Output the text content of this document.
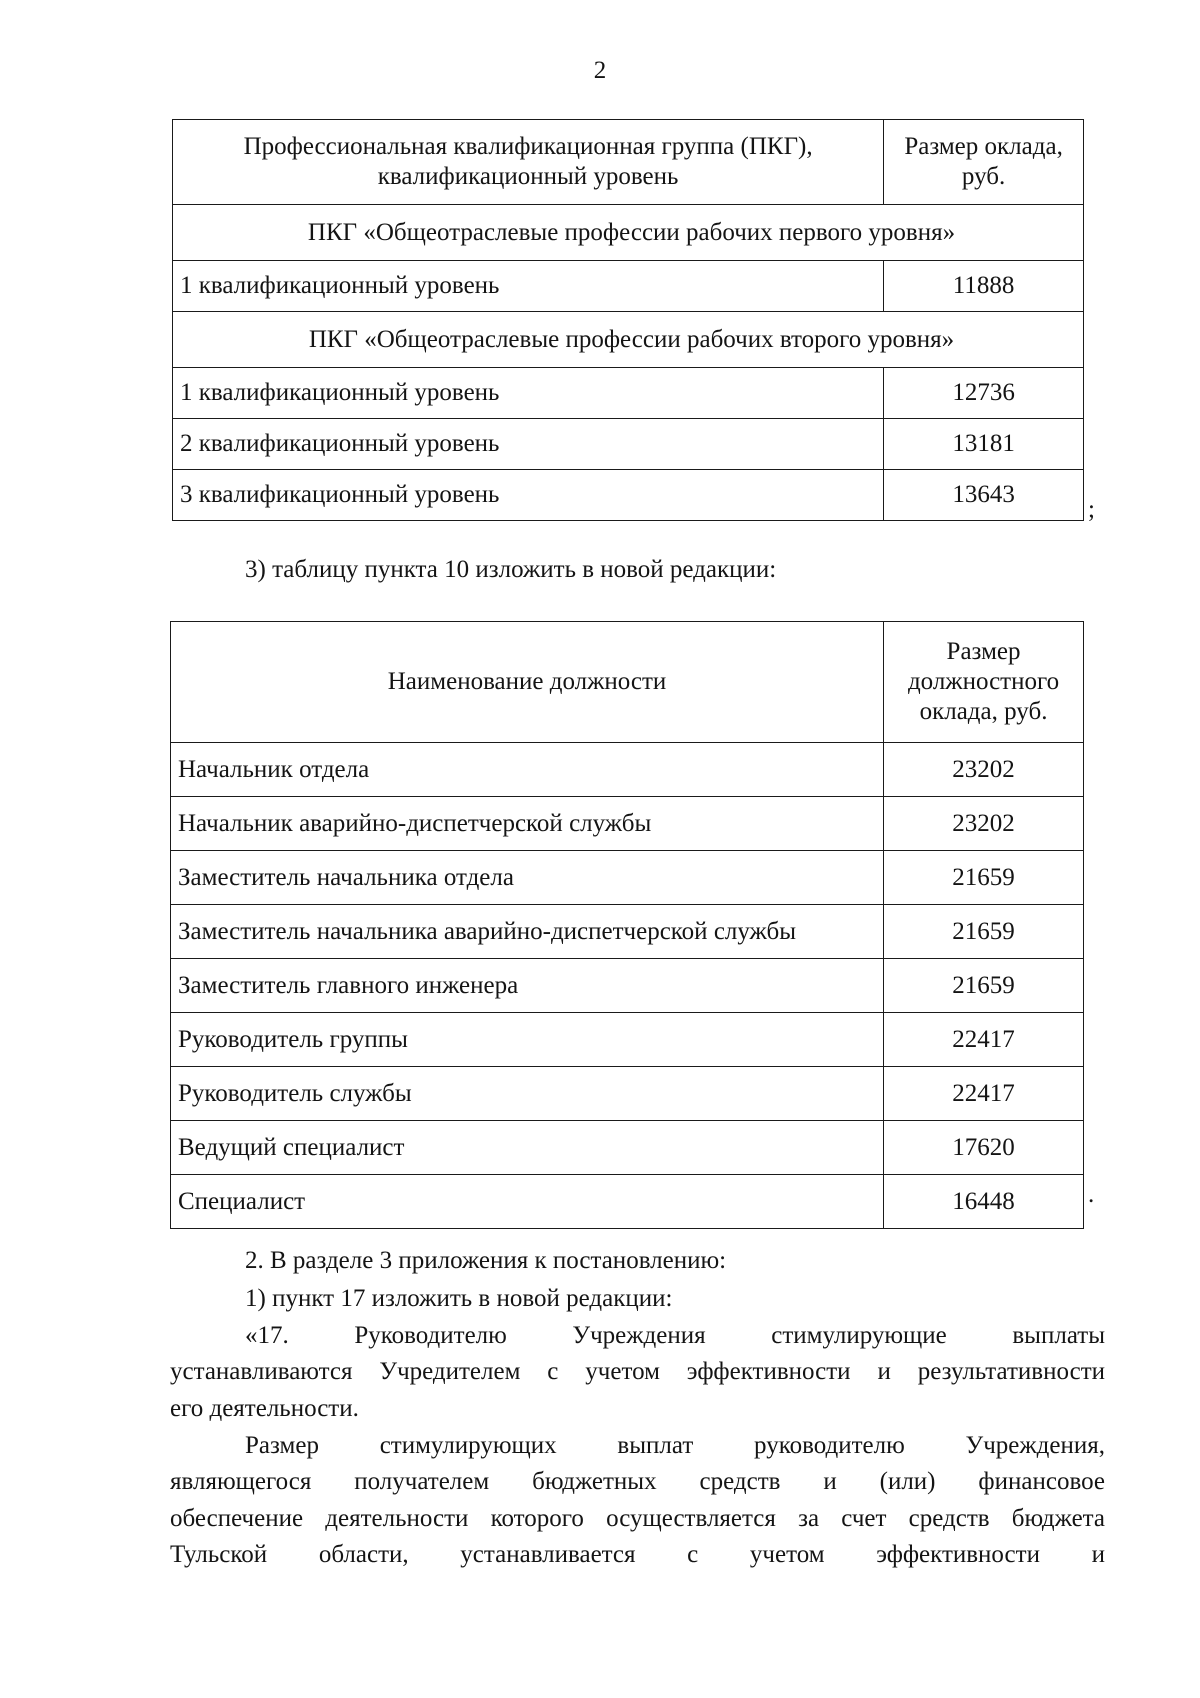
2
Профессиональная квалификационная группа (ПКГ), квалификационный уровень	Размер оклада, руб.
ПКГ «Общеотраслевые профессии рабочих первого уровня»	
1 квалификационный уровень	11888
ПКГ «Общеотраслевые профессии рабочих второго уровня»	
1 квалификационный уровень	12736
2 квалификационный уровень	13181
3 квалификационный уровень	13643
;
3) таблицу пункта 10 изложить в новой редакции:
Наименование должности	Размер должностного оклада, руб.
Начальник отдела	23202
Начальник аварийно-диспетчерской службы	23202
Заместитель начальника отдела	21659
Заместитель начальника аварийно-диспетчерской службы	21659
Заместитель главного инженера	21659
Руководитель группы	22417
Руководитель службы	22417
Ведущий специалист	17620
Специалист	16448	.
2. В разделе 3 приложения к постановлению:
1) пункт 17 изложить в новой редакции:
«17. Руководителю Учреждения стимулирующие выплаты
устанавливаются Учредителем с учетом эффективности и результативности
его деятельности.
Размер стимулирующих выплат руководителю Учреждения,
являющегося получателем бюджетных средств и (или) финансовое
обеспечение деятельности которого осуществляется за счет средств бюджета
Тульской области, устанавливается с учетом эффективности и
